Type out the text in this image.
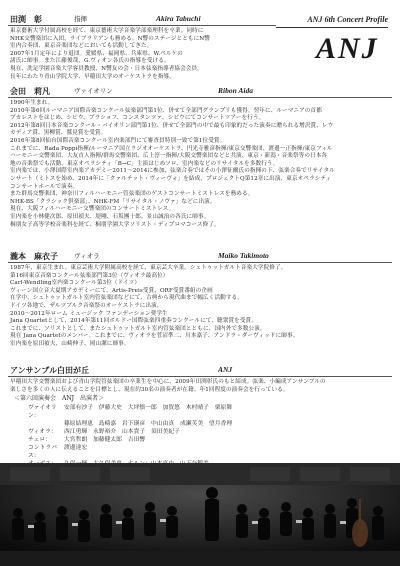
ANJ 6th Concert Profile
ANJ
田渕　彰	指揮	Akira Tabuchi
東京藝術大学付属高校を経て、東京藝術大学音楽学部楽理科を卒業。同時に
NHK交響楽団に入団。ライブラリアンも務める。N響のステージとともにN響
室内合奏団、東京音楽団などにおいても活動してきた。
2007年1月定年により退団。愛媛県、福岡県、兵庫県、W.ペルケの
諸氏に師事。また江藤俊哉、G.ヴィオン各氏の指導を受ける。
現在、洗足学園音楽大学客員教授、N響友の会・日本弦楽指導者協会会員。
長年にわたり青山学院大学、早稲田大学のオーケストラを指導。
会田　莉凡	ヴァイオリン	Ribon Aida
1990年生まれ。
2010年第6回ルーマニア国際音楽コンクール弦楽部門第1位、併せて全部門グランプリも獲得。翌年に、ルーマニアの首都
ブカレストをはじめ、シビウ、ブラショフ、コンスタンツァ、シビウにてコンサートツアーを行う。
2012年第8回日本音楽コンクール・バイオリン部門第1位、併せて全部門の中で最も印象的だった演奏に贈られる增沢賞、レウ
カディア賞、黒柳賞、鷲見賞を受賞。
2016年第8回仙台国際音楽コンクール室内楽部門にて審査員特別一致で第1位受賞。
これまでに、Rada Poppi指揮/ルーマニア国立ラジオオーケストラ、円光寺雅彦指揮/東京交響楽団、渡邊一正指揮/東京フィル
ハーモニー交響楽団、大友直人指揮/群馬交響楽団、広上淳一指揮/大阪交響楽団などと共演、東京・新潟・音楽祭等の日本各
地の音楽祭でも活動。東京オペラシティ「B→C」主演はじめソロ、室内楽などのリサイタルを多数行う。
室内楽では、小澤国際室内楽アカデミー2011～2014に参加、弦楽合奏ではその小澤征爾氏の指揮の下、弦楽合奏でリサイタル
ンサート（ミトスを始め、2014年に「クァルテット・ヴィーヴォ」を結成、プロジェクトQ第12章に出演、東京オペラシティ
コンサートホールで演奏。
また群馬交響楽団、神奈川フィルハーモニー管弦楽団のゲストコンサートミストレスを務める。
NHK-BS「クラシック倶楽部」、NHK-FM「リサイタル・ノヴァ」などに出演。
現在、大阪フィルハーモニー交響楽団のコンサートミストレス。
室内楽を小林健次郎、原田禎夫、堤剛、石坂團十郎、景山誠治の各氏に師事。
桐朋女子高等学校音楽科を経て、桐朋学園大学ソリスト・ディプロマコース修了。
瀧本　麻衣子 ヴィオラ	Maiko Takimoto
1987年、東京生まれ。東京芸術大学附属高校を経て、東京芸大卒業。シュトゥットガルト音楽大学院修了。
第16回東京音楽コンクール弦楽部門第3位（ヴィオラ最高位）
Carl-Wendling室内楽コンクール第3位（ドイツ）
ヴィーン国立音大夏期アカデミーにて、Artis-Preis受賞、ORF受賞番組の企画
在学中、シュトゥットガルト室内管弦楽団などにて、古典から現代曲まで幅広く活動する。
ドイツ各地で、ザルツブルク音楽祭のオーケストラに出演。
2010～2012年ローム ミュージック ファンデーション奨学生
Jana Quartetとして、2014年第11回ボルドー国際弦楽四重奏コンクールにて、聴衆賞を受賞。
これまでに、ソリストとして、またシュトゥットガルト室内管弦楽団とともに、国内外で多数公演。
現在 Jana Quartetのメンバー。これまでに、ヴィオラを菅沼準二、川本嘉子、アンドラ・ダーヴィッドに師事。
室内楽を原田禎夫、山崎伸子、岡山潔に師事。
アンサンブル白田が丘	ANJ
早稲田大学交響楽団および青山学院管弦楽団の卒業生を中心に、2009年田渕彰氏のもと結成。弦楽、小編成アンサンブルの
楽しさを多くの人に伝えることを目標とし、現在約30名の演奏者が在籍、年1回程度の演奏会を行っている。
＜第六回演奏会　ANJ　出演者＞
ヴァイオリン：
安部有沙子　伊藤大史　大坪慎一郎　加賀悠　木村晴子　栗原舞
篠原結理恵　島崎嘉　岩下瑛彦　中山由真　成瀬芙美　望月香理　
ヴィオラ：	西江勇輝　永野裕介　山本貴子　須田美紀子
チェロ：	大宮哲朗　加藤健太郎　吉田響
コントラバス：
渡邊達宏
